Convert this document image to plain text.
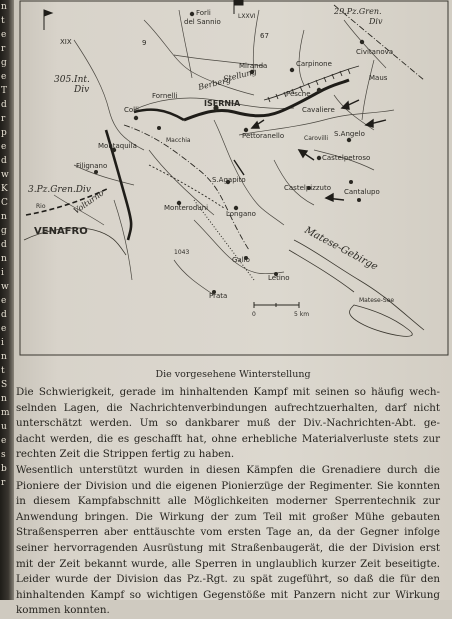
n
t
e
r
g
e
T
d
r
p
e
d
w
K
C
n
g
d
n
i
w
e
d
e
i
n
t
S
n
m
u
e
s
b
r
XIX
Forli
del Sannio
LXXVI
29.Pz.Gren.
Div
67
9
Miranda
Pesche
Carpinone
Civitanova
Maus
305.Int.
Div
Colli
Fornelli
ISERNIA
Berberg
Stellung
Cavaliere
Montaquila
Pettoranello	S.Angelo
Castelpetroso
Cantalupo
Castelpizzuto
Filignano
Macchia	Carovilli
3.Pz.Gren.Div
Volturno
Rio
S.Agapito
Monteroduni
Longano
VENAFRO	Matese-Gebirge
1043
Gallo
Letino
Prata
0	5 km
Matese-See
Die vorgesehene Winterstellung
Die Schwierigkeit, gerade im hinhaltenden Kampf mit seinen so häufig wech-
selnden Lagen, die Nachrichtenverbindungen aufrechtzuerhalten, darf nicht
unterschätzt werden. Um so dankbarer muß der Div.-Nachrichten-Abt. ge-
dacht werden, die es geschafft hat, ohne erhebliche Materialverluste stets zur
rechten Zeit die Strippen fertig zu haben.
Wesentlich unterstützt wurden in diesen Kämpfen die Grenadiere durch die
Pioniere der Division und die eigenen Pionierzüge der Regimenter. Sie konnten
in diesem Kampfabschnitt alle Möglichkeiten moderner Sperrentechnik zur
Anwendung bringen. Die Wirkung der zum Teil mit großer Mühe gebauten
Straßensperren aber enttäuschte vom ersten Tage an, da der Gegner infolge
seiner hervorragenden Ausrüstung mit Straßenbaugerät, die der Division erst
mit der Zeit bekannt wurde, alle Sperren in unglaublich kurzer Zeit beseitigte.
Leider wurde der Division das Pz.-Rgt. zu spät zugeführt, so daß die für den
hinhaltenden Kampf so wichtigen Gegenstöße mit Panzern nicht zur Wirkung
kommen konnten.
